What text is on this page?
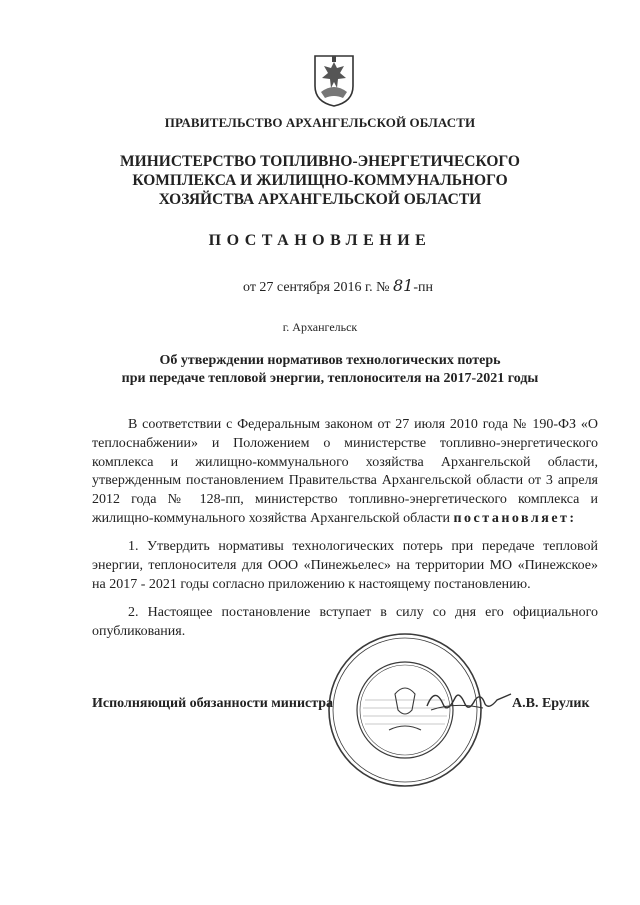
ПРАВИТЕЛЬСТВО АРХАНГЕЛЬСКОЙ ОБЛАСТИ
МИНИСТЕРСТВО ТОПЛИВНО-ЭНЕРГЕТИЧЕСКОГО
КОМПЛЕКСА И ЖИЛИЩНО-КОММУНАЛЬНОГО
ХОЗЯЙСТВА АРХАНГЕЛЬСКОЙ ОБЛАСТИ
ПОСТАНОВЛЕНИЕ
от 27 сентября 2016 г. № 81-пн
г. Архангельск
Об утверждении нормативов технологических потерь
при передаче тепловой энергии, теплоносителя на 2017-2021 годы

В соответствии с Федеральным законом от 27 июля 2010 года № 190-ФЗ «О теплоснабжении» и Положением о министерстве топливно-энергетического комплекса и жилищно-коммунального хозяйства Архангельской области, утвержденным постановлением Правительства Архангельской области от 3 апреля 2012 года № 128-пп, министерство топливно-энергетического комплекса и жилищно-коммунального хозяйства Архангельской области постановляет:

1. Утвердить нормативы технологических потерь при передаче тепловой энергии, теплоносителя для ООО «Пинежьелес» на территории МО «Пинежское» на 2017 - 2021 годы согласно приложению к настоящему постановлению.

2. Настоящее постановление вступает в силу со дня его официального опубликования.

Исполняющий обязанности министра	А.В. Ерулик
